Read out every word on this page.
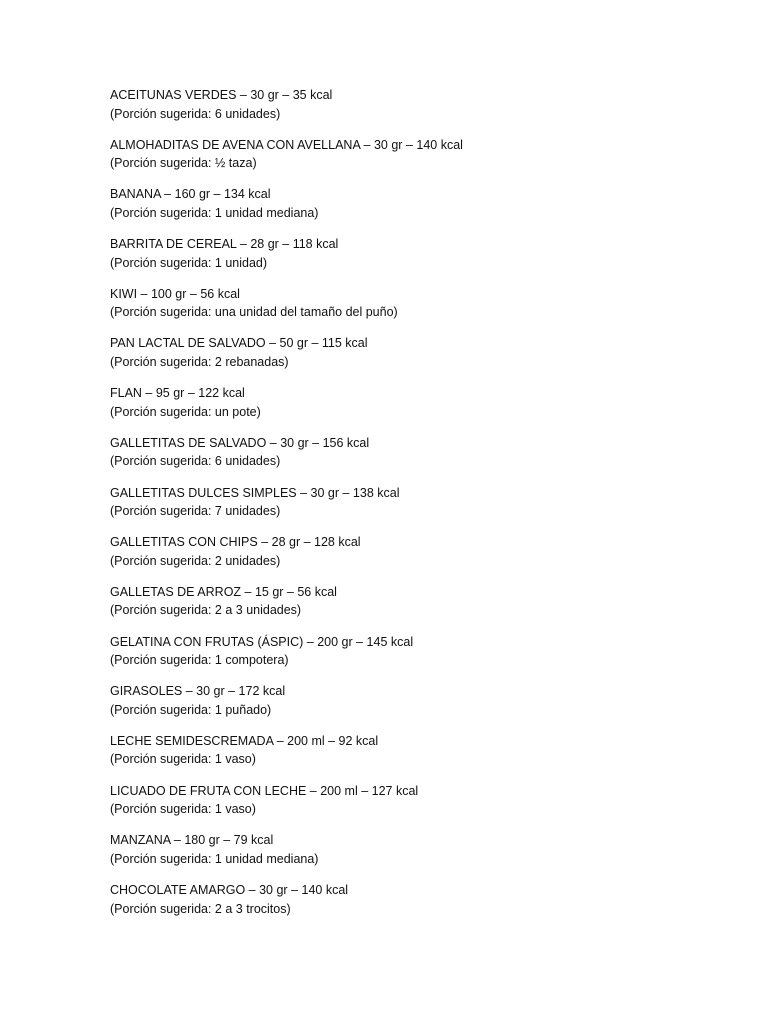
ACEITUNAS VERDES – 30 gr – 35 kcal
(Porción sugerida: 6 unidades)
ALMOHADITAS DE AVENA CON AVELLANA – 30 gr – 140 kcal
(Porción sugerida: ½ taza)
BANANA – 160 gr – 134 kcal
(Porción sugerida: 1 unidad mediana)
BARRITA DE CEREAL – 28 gr – 118 kcal
(Porción sugerida: 1 unidad)
KIWI – 100 gr – 56 kcal
(Porción sugerida: una unidad del tamaño del puño)
PAN LACTAL DE SALVADO – 50 gr – 115 kcal
(Porción sugerida: 2 rebanadas)
FLAN – 95 gr – 122 kcal
(Porción sugerida: un pote)
GALLETITAS DE SALVADO – 30 gr – 156 kcal
(Porción sugerida: 6 unidades)
GALLETITAS DULCES SIMPLES – 30 gr – 138 kcal
(Porción sugerida: 7 unidades)
GALLETITAS CON CHIPS – 28 gr – 128 kcal
(Porción sugerida: 2 unidades)
GALLETAS DE ARROZ – 15 gr – 56 kcal
(Porción sugerida: 2 a 3 unidades)
GELATINA CON FRUTAS (ÁSPIC) – 200 gr – 145 kcal
(Porción sugerida: 1 compotera)
GIRASOLES – 30 gr – 172 kcal
(Porción sugerida: 1 puñado)
LECHE SEMIDESCREMADA – 200 ml – 92 kcal
(Porción sugerida: 1 vaso)
LICUADO DE FRUTA CON LECHE – 200 ml – 127 kcal
(Porción sugerida: 1 vaso)
MANZANA – 180 gr – 79 kcal
(Porción sugerida: 1 unidad mediana)
CHOCOLATE AMARGO – 30 gr – 140 kcal
(Porción sugerida: 2 a 3 trocitos)
